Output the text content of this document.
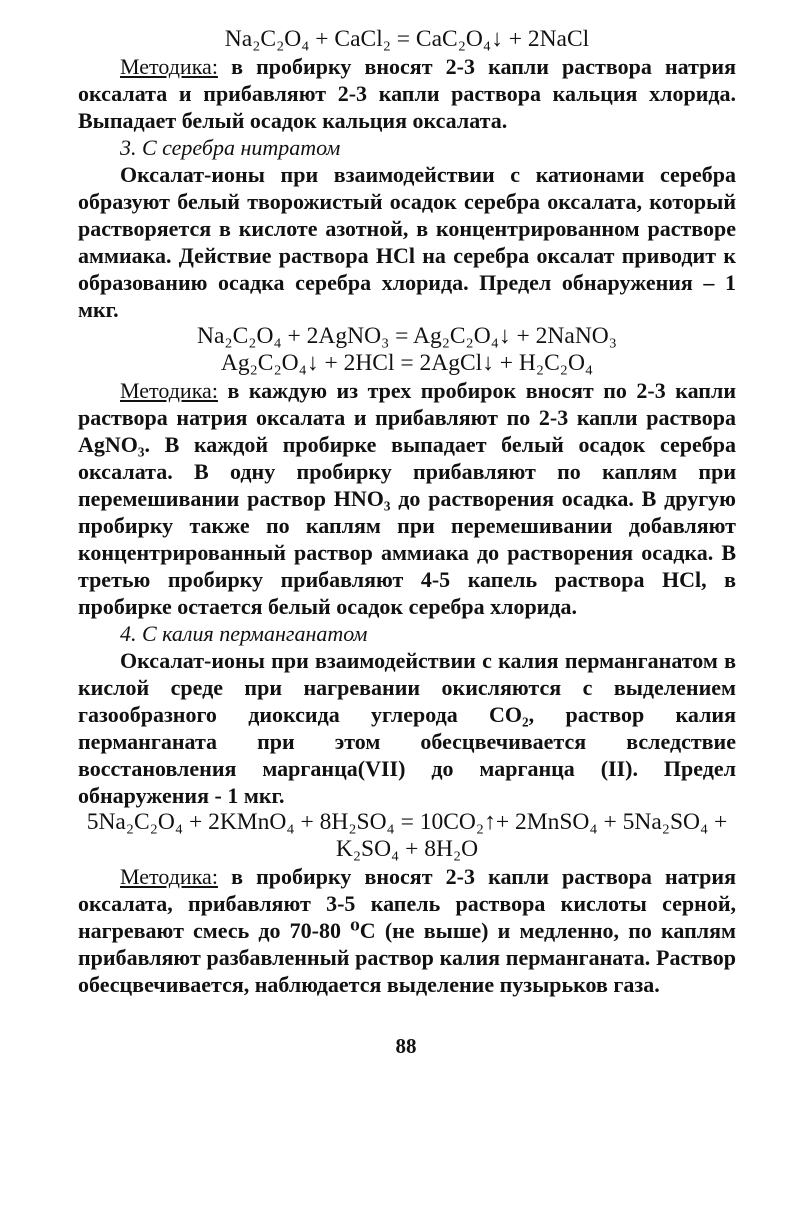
Na₂C₂O₄ + CaCl₂ = CaC₂O₄↓ + 2NaCl

Методика: в пробирку вносят 2-3 капли раствора натрия оксалата и прибавляют 2-3 капли раствора кальция хлорида. Выпадает белый осадок кальция оксалата.

3. С серебра нитратом

Оксалат-ионы при взаимодействии с катионами серебра образуют белый творожистый осадок серебра оксалата, который растворяется в кислоте азотной, в концентрированном растворе аммиака. Действие раствора HCl на серебра оксалат приводит к образованию осадка серебра хлорида. Предел обнаружения – 1 мкг.

Na₂C₂O₄ + 2AgNO₃ = Ag₂C₂O₄↓ + 2NaNO₃
Ag₂C₂O₄↓ + 2HCl = 2AgCl↓ + H₂C₂O₄

Методика: в каждую из трех пробирок вносят по 2-3 капли раствора натрия оксалата и прибавляют по 2-3 капли раствора AgNO₃. В каждой пробирке выпадает белый осадок серебра оксалата. В одну пробирку прибавляют по каплям при перемешивании раствор HNO₃ до растворения осадка. В другую пробирку также по каплям при перемешивании добавляют концентрированный раствор аммиака до растворения осадка. В третью пробирку прибавляют 4-5 капель раствора HCl, в пробирке остается белый осадок серебра хлорида.

4. С калия перманганатом

Оксалат-ионы при взаимодействии с калия перманганатом в кислой среде при нагревании окисляются с выделением газообразного диоксида углерода CO₂, раствор калия перманганата при этом обесцвечивается вследствие восстановления марганца(VII) до марганца (II). Предел обнаружения - 1 мкг.

5Na₂C₂O₄ + 2KMnO₄ + 8H₂SO₄ = 10CO₂↑+ 2MnSO₄ + 5Na₂SO₄ +
K₂SO₄ + 8H₂O

Методика: в пробирку вносят 2-3 капли раствора натрия оксалата, прибавляют 3-5 капель раствора кислоты серной, нагревают смесь до 70-80 ⁰С (не выше) и медленно, по каплям прибавляют разбавленный раствор калия перманганата. Раствор обесцвечивается, наблюдается выделение пузырьков газа.

88
